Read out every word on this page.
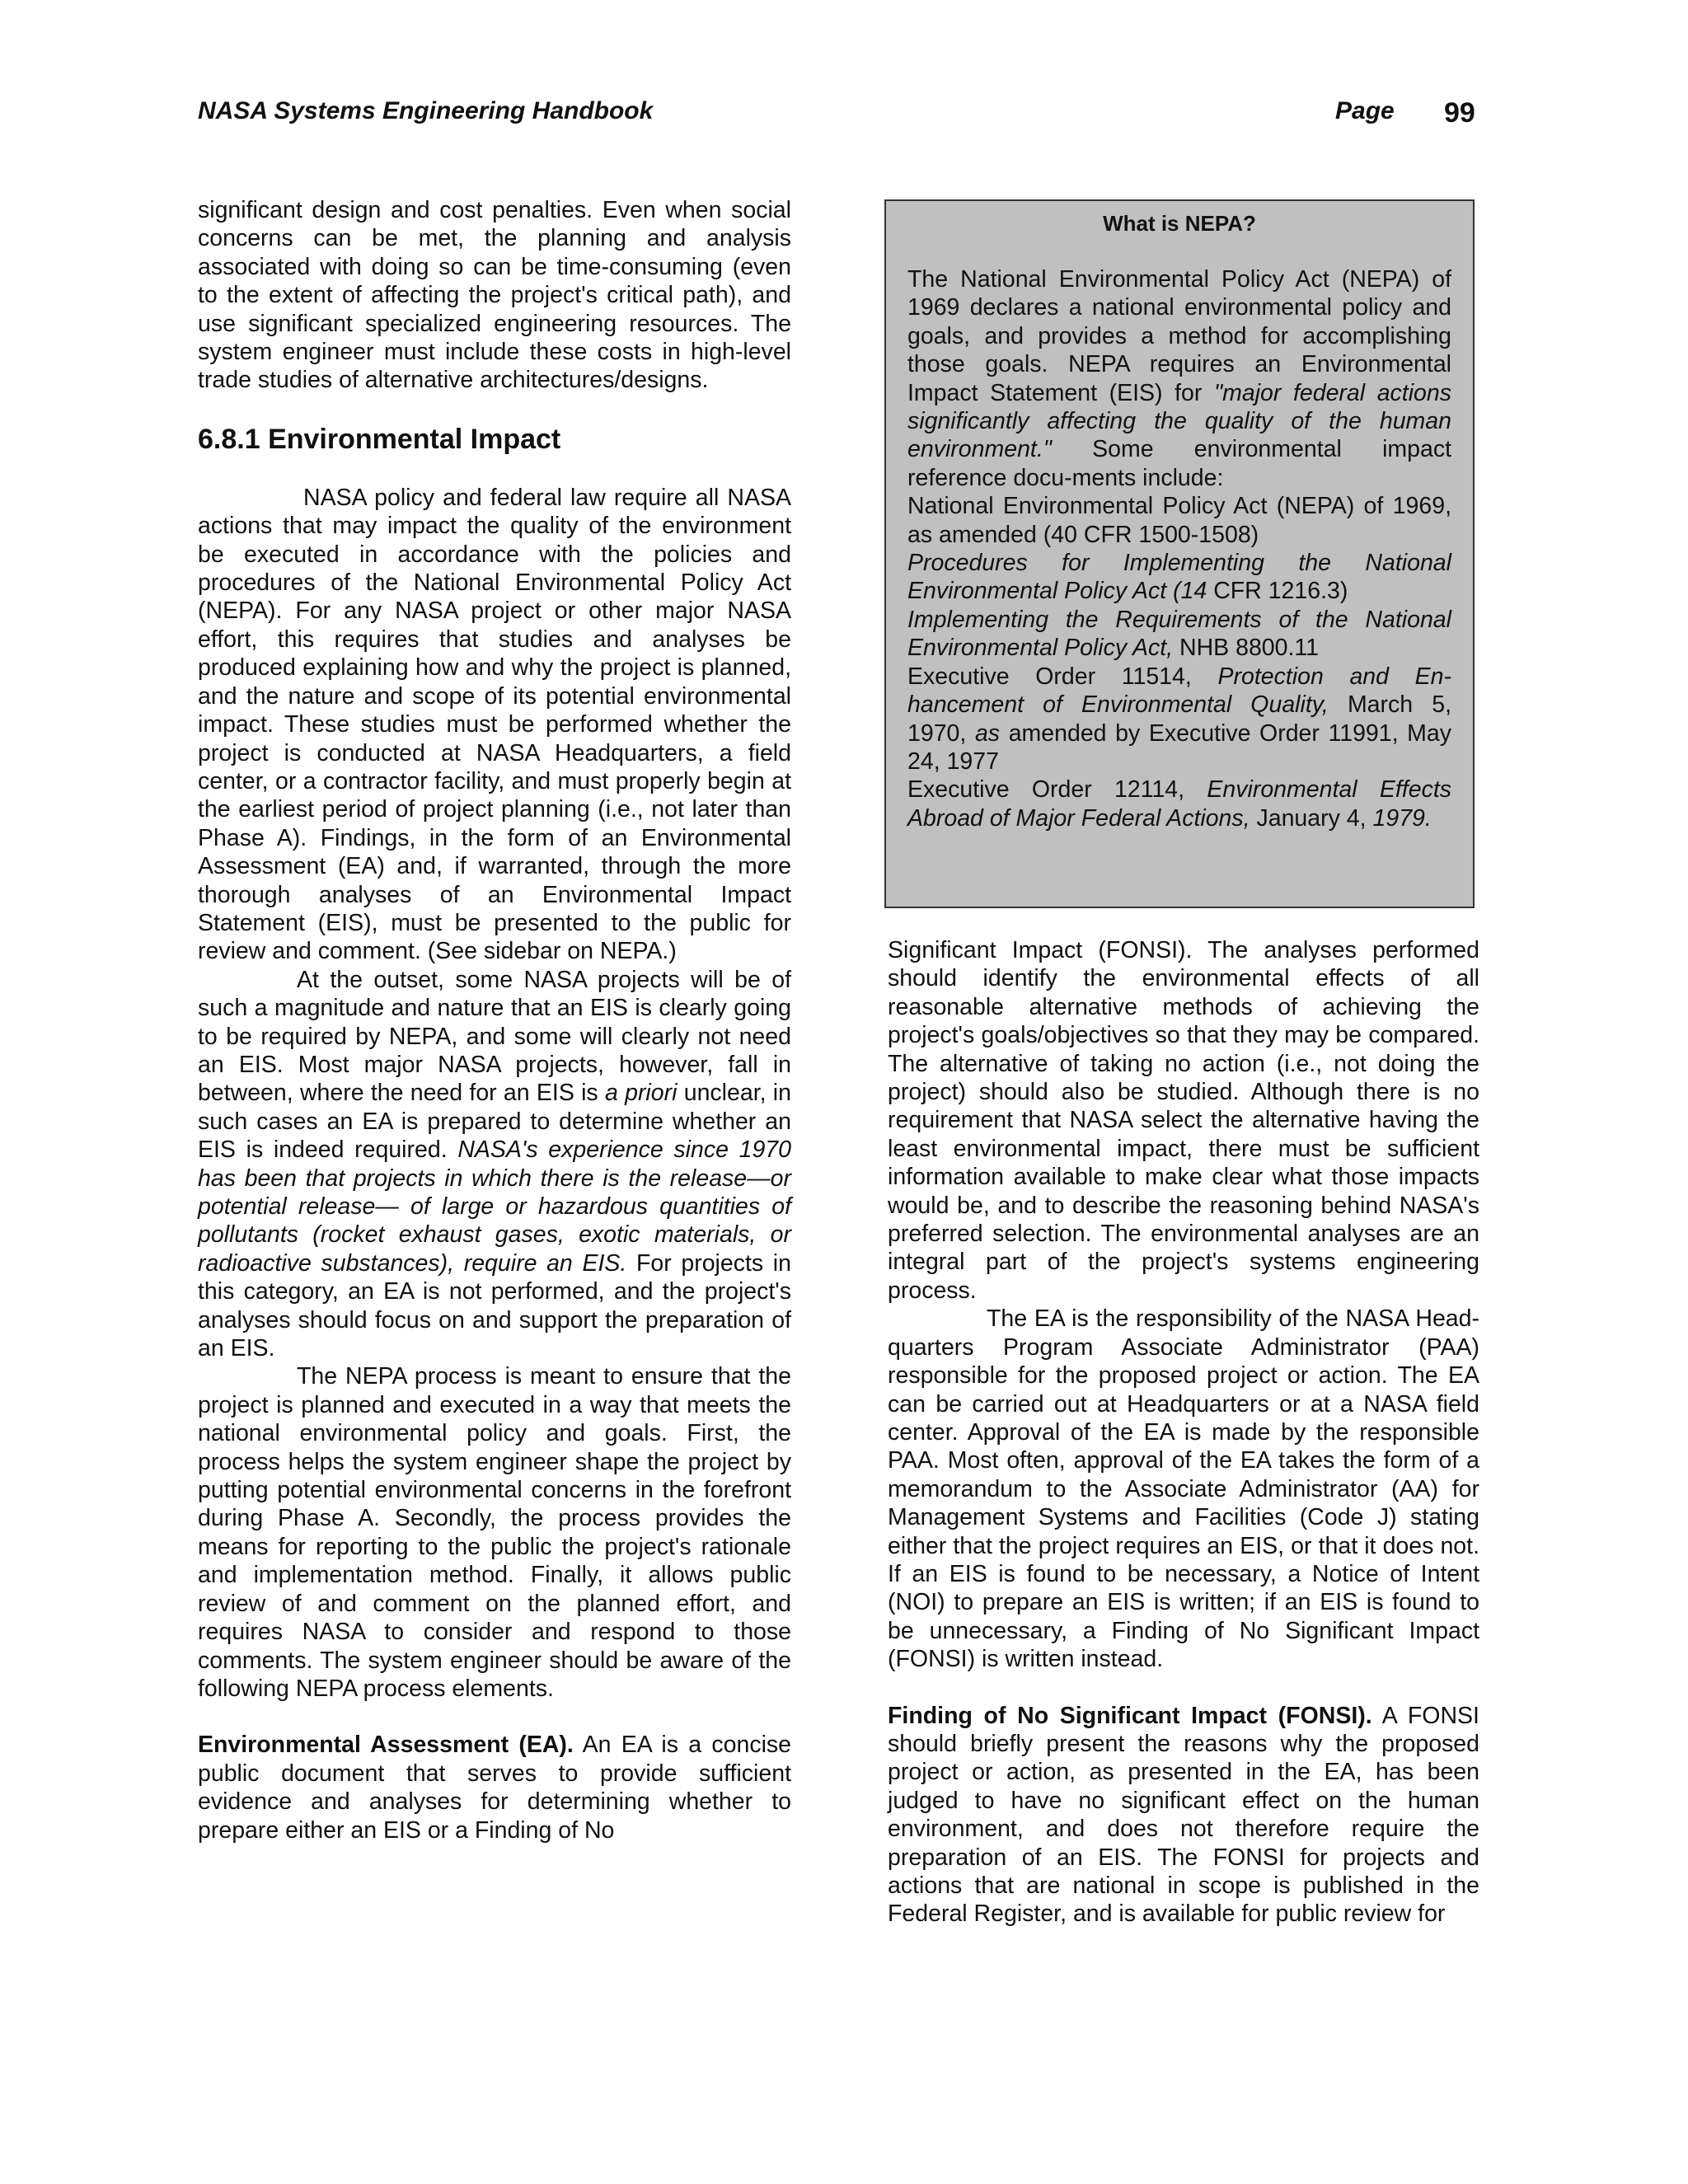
NASA Systems Engineering Handbook	Page 99

significant design and cost penalties. Even when social concerns can be met, the planning and analysis associated with doing so can be time-consuming (even to the extent of affecting the project's critical path), and use significant specialized engineering resources. The system engineer must include these costs in high-level trade studies of alternative architectures/designs.

6.8.1 Environmental Impact

NASA policy and federal law require all NASA actions that may impact the quality of the environment be executed in accordance with the policies and procedures of the National Environmental Policy Act (NEPA). For any NASA project or other major NASA effort, this requires that studies and analyses be produced explaining how and why the project is planned, and the nature and scope of its potential environmental impact. These studies must be performed whether the project is conducted at NASA Headquarters, a field center, or a contractor facility, and must properly begin at the earliest period of project planning (i.e., not later than Phase A). Findings, in the form of an Environmental Assessment (EA) and, if warranted, through the more thorough analyses of an Environmental Impact Statement (EIS), must be presented to the public for review and comment. (See sidebar on NEPA.)

At the outset, some NASA projects will be of such a magnitude and nature that an EIS is clearly going to be required by NEPA, and some will clearly not need an EIS. Most major NASA projects, however, fall in between, where the need for an EIS is a priori unclear, in such cases an EA is prepared to determine whether an EIS is indeed required. NASA's experience since 1970 has been that projects in which there is the release—or potential release— of large or hazardous quantities of pollutants (rocket exhaust gases, exotic materials, or radioactive substances), require an EIS. For projects in this category, an EA is not performed, and the project's analyses should focus on and support the preparation of an EIS.

The NEPA process is meant to ensure that the project is planned and executed in a way that meets the national environmental policy and goals. First, the process helps the system engineer shape the project by putting potential environmental concerns in the forefront during Phase A. Secondly, the process provides the means for reporting to the public the project's rationale and implementation method. Finally, it allows public review of and comment on the planned effort, and requires NASA to consider and respond to those comments. The system engineer should be aware of the following NEPA process elements.

Environmental Assessment (EA). An EA is a concise public document that serves to provide sufficient evidence and analyses for determining whether to prepare either an EIS or a Finding of No

What is NEPA?

The National Environmental Policy Act (NEPA) of 1969 declares a national environmental policy and goals, and provides a method for accomplishing those goals. NEPA requires an Environmental Impact Statement (EIS) for "major federal actions significantly affecting the quality of the human environment." Some environmental impact reference docu-ments include:

National Environmental Policy Act (NEPA) of 1969, as amended (40 CFR 1500-1508)

Procedures for Implementing the National Environmental Policy Act (14 CFR 1216.3)

Implementing the Requirements of the National Environmental Policy Act, NHB 8800.11

Executive Order 11514, Protection and En-hancement of Environmental Quality, March 5, 1970, as amended by Executive Order 11991, May 24, 1977

Executive Order 12114, Environmental Effects Abroad of Major Federal Actions, January 4, 1979.

Significant Impact (FONSI). The analyses performed should identify the environmental effects of all reasonable alternative methods of achieving the project's goals/objectives so that they may be compared. The alternative of taking no action (i.e., not doing the project) should also be studied. Although there is no requirement that NASA select the alternative having the least environmental impact, there must be sufficient information available to make clear what those impacts would be, and to describe the reasoning behind NASA's preferred selection. The environmental analyses are an integral part of the project's systems engineering process.

The EA is the responsibility of the NASA Head-quarters Program Associate Administrator (PAA) responsible for the proposed project or action. The EA can be carried out at Headquarters or at a NASA field center. Approval of the EA is made by the responsible PAA. Most often, approval of the EA takes the form of a memorandum to the Associate Administrator (AA) for Management Systems and Facilities (Code J) stating either that the project requires an EIS, or that it does not. If an EIS is found to be necessary, a Notice of Intent (NOI) to prepare an EIS is written; if an EIS is found to be unnecessary, a Finding of No Significant Impact (FONSI) is written instead.

Finding of No Significant Impact (FONSI). A FONSI should briefly present the reasons why the proposed project or action, as presented in the EA, has been judged to have no significant effect on the human environment, and does not therefore require the preparation of an EIS. The FONSI for projects and actions that are national in scope is published in the Federal Register, and is available for public review for
